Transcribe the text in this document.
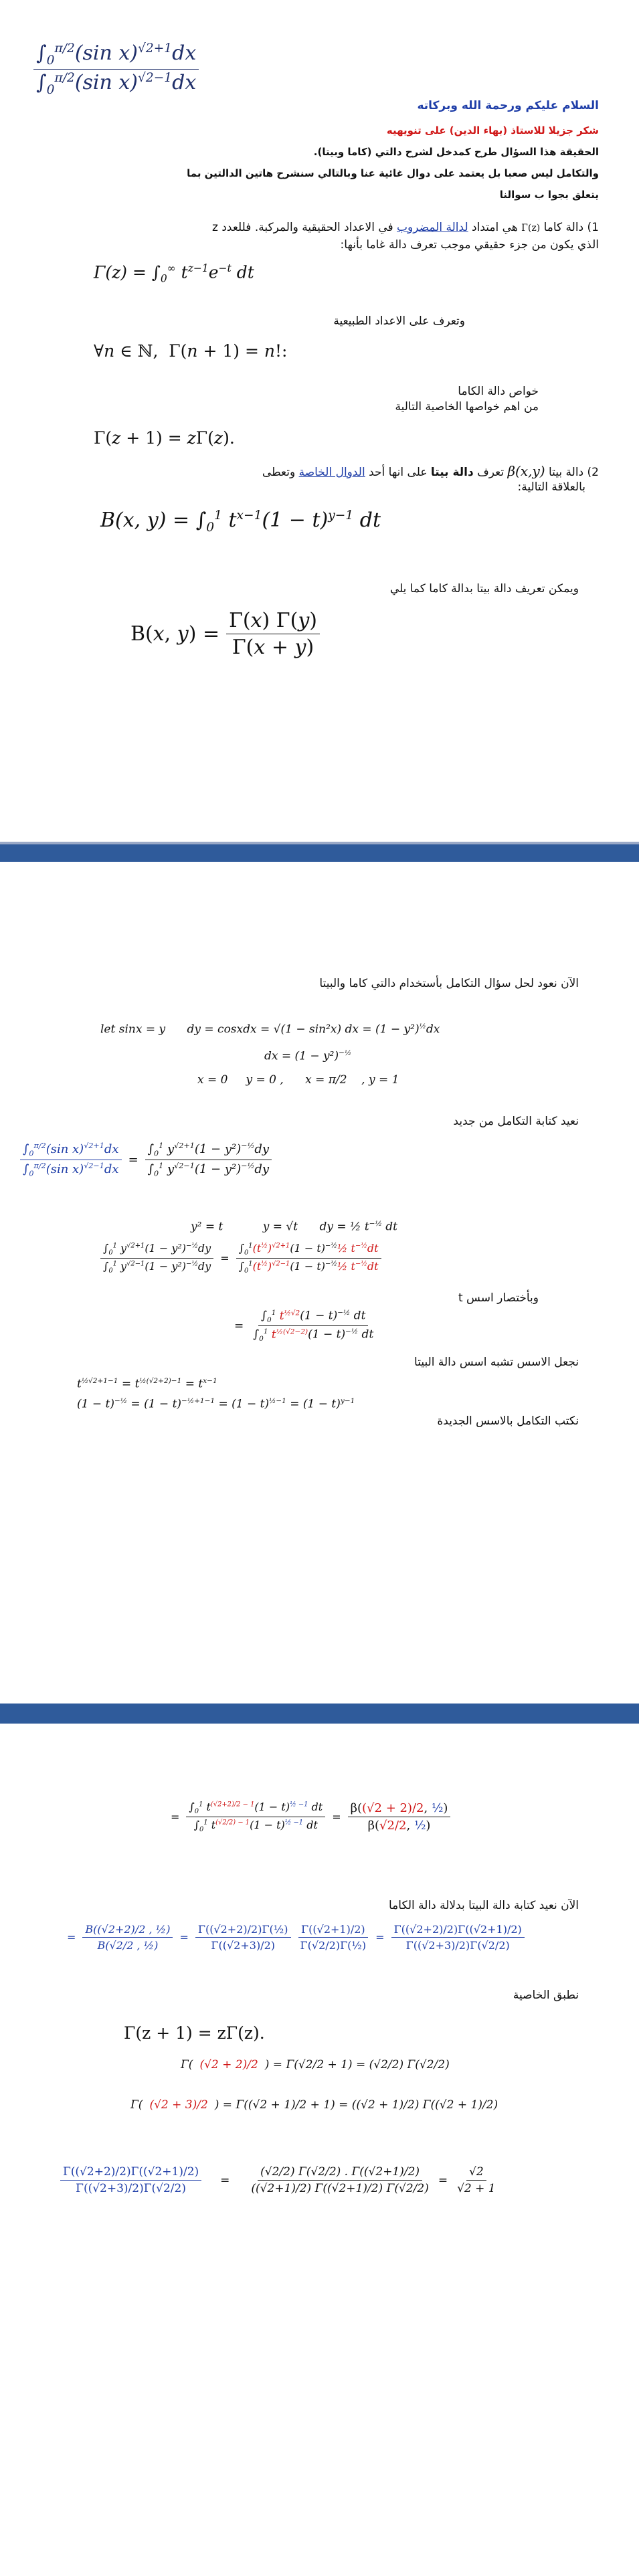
$\frac{\int_0^{\pi/2}(\sin x)^{√2+1}dx}{\int_0^{\pi/2}(\sin x)^{√2-1}dx}$
السلام عليكم ورحمة الله وبركاته
شكر جزيلا للاستاذ (بهاء الدين) على تنويهيه
الحقيقة هذا السؤال طرح كمدخل لشرح دالتي (كاما وبيتا).
والتكامل ليس صعبا بل يعتمد على دوال غائية عنا وبالتالي سنشرح هاتين الدالتين بما
يتعلق بجوا ب سوالنا
1) دالة كاما Γ(z) هي امتداد لدالة المضروب في الاعداد الحقيقية والمركبة. فللعدد z
الذي يكون من جزء حقيقي موجب تعرف دالة غاما بأنها:
$\Gamma(z) = \int_0^\infty$ $t^{z-1}e^{-t}$ dt
وتعرف على الاعداد الطبيعية
∀n ∈ ℕ,  Γ(n + 1) = n!:
خواص دالة الكاما
من اهم خواصها الخاصية التالية
Γ(z + 1) = zΓ(z).
2) دالة بيتا β(x,y) تعرف دالة بيتا على انها أحد الدوال الخاصة وتعطى
بالعلاقة التالية:
B(x, $y) = \int_0^1$ $t^{x-1}(1 - t)^{y-1}$ dt
ويمكن تعريف دالة بيتا بدالة كاما كما يلي
B(x, $y) = \frac{\Gamma(x) \Gamma(y)}{\Gamma(x + y)}$
الآن نعود لحل سؤال التكامل بأستخدام دالتي كاما والبيتا
let sinx = y      dy = cosxdx = √(1 − sin²x) dx = $(1 - y^2)^{\frac{1}{2}}dx$
dx = $(1 - y^2)^{-\frac{1}{2}}$
x = 0     y = 0 ,      x = π/2    , y = 1
نعيد كتابة التكامل من جديد
$\frac{\int_0^{\pi/2}(\sin x)^{√2+1}dx}{\int_0^{\pi/2}(\sin x)^{√2-1}dx} = \frac{\int_0^1 y^{√2+1}(1 - y^2)^{-\frac{1}{2}}dy}{\int_0^1 y^{√2-1}(1 - y^2)^{-\frac{1}{2}}dy}$
y² = t           y = √t      dy = ½ $t^{-\frac{1}{2}}$ dt
$\frac{\int_0^1 y^{√2+1}(1 - y^2)^{-\frac{1}{2}}dy}{\int_0^1 y^{√2-1}(1 - y^2)^{-\frac{1}{2}}dy} = \frac{\int_0^1(t^{\frac{1}{2}})^{√2+1}(1 - t)^{-\frac{1}{2}}\frac{1}{2} t^{-\frac{1}{2}}dt}{\int_0^1(t^{\frac{1}{2}})^{√2-1}(1 - t)^{-\frac{1}{2}}\frac{1}{2} t^{-\frac{1}{2}}dt}$
وبأختصار اسس t
= $\frac{\int_0^1 t^{\frac{1}{2}√2}(1 - t)^{-\frac{1}{2}} dt}{\int_0^1 t^{\frac{1}{2}(√2-2)}(1 - t)^{-\frac{1}{2}} dt}$
نجعل الاسس تشبه اسس دالة البيتا
$t^{\frac{1}{2}√2+1-1} = t^{\frac{1}{2}(√2+2)-1} = t^{x-1}$
$(1 - t)^{-\frac{1}{2}} = (1 - t)^{-\frac{1}{2}+1-1} = (1 - t)^{\frac{1}{2}-1} = (1 - t)^{y-1}$
نكتب التكامل بالاسس الجديدة
= $\frac{\int_0^1 t^{(√2+2)/2 - 1}(1 - t)^{\frac{1}{2} -1} dt}{\int_0^1 t^{(√2/2) - 1}(1 - t)^{\frac{1}{2} -1} dt} = \frac{\text{β((√2 + 2)/2, ½)}}{\text{β(√2/2, ½)}}$
الآن نعيد كتابة دالة البيتا بدلالة دالة الكاما
= $\frac{\text{B((√2+2)/2 , ½)}}{\text{B(√2/2 , ½)}} = \frac{\text{Γ((√2+2)/2)Γ(½)}}{\Gamma((√2+3)/2)} \frac{\Gamma((√2+1)/2)}{\text{Γ(√2/2)Γ(½)}} = \frac{\Gamma((√2+2)/2)\Gamma((√2+1)/2)}{\Gamma((√2+3)/2)\Gamma(√2/2)}$
نطبق الخاصية
Γ(z + 1) = zΓ(z).
Γ( (√2 + 2)/2 ) = Γ(√2/2 + 1) = (√2/2) Γ(√2/2)
Γ( (√2 + 3)/2 ) = Γ((√2 + 1)/2 + 1) = ((√2 + 1)/2) Γ((√2 + 1)/2)
$\frac{\Gamma((√2+2)/2)\Gamma((√2+1)/2)}{\Gamma((√2+3)/2)\Gamma(√2/2)} = \frac{(√2/2) \Gamma(√2/2) . \Gamma((√2+1)/2)}{((√2+1)/2) \Gamma((√2+1)/2) \Gamma(√2/2)} = \frac{√2}{√2 + 1}$
